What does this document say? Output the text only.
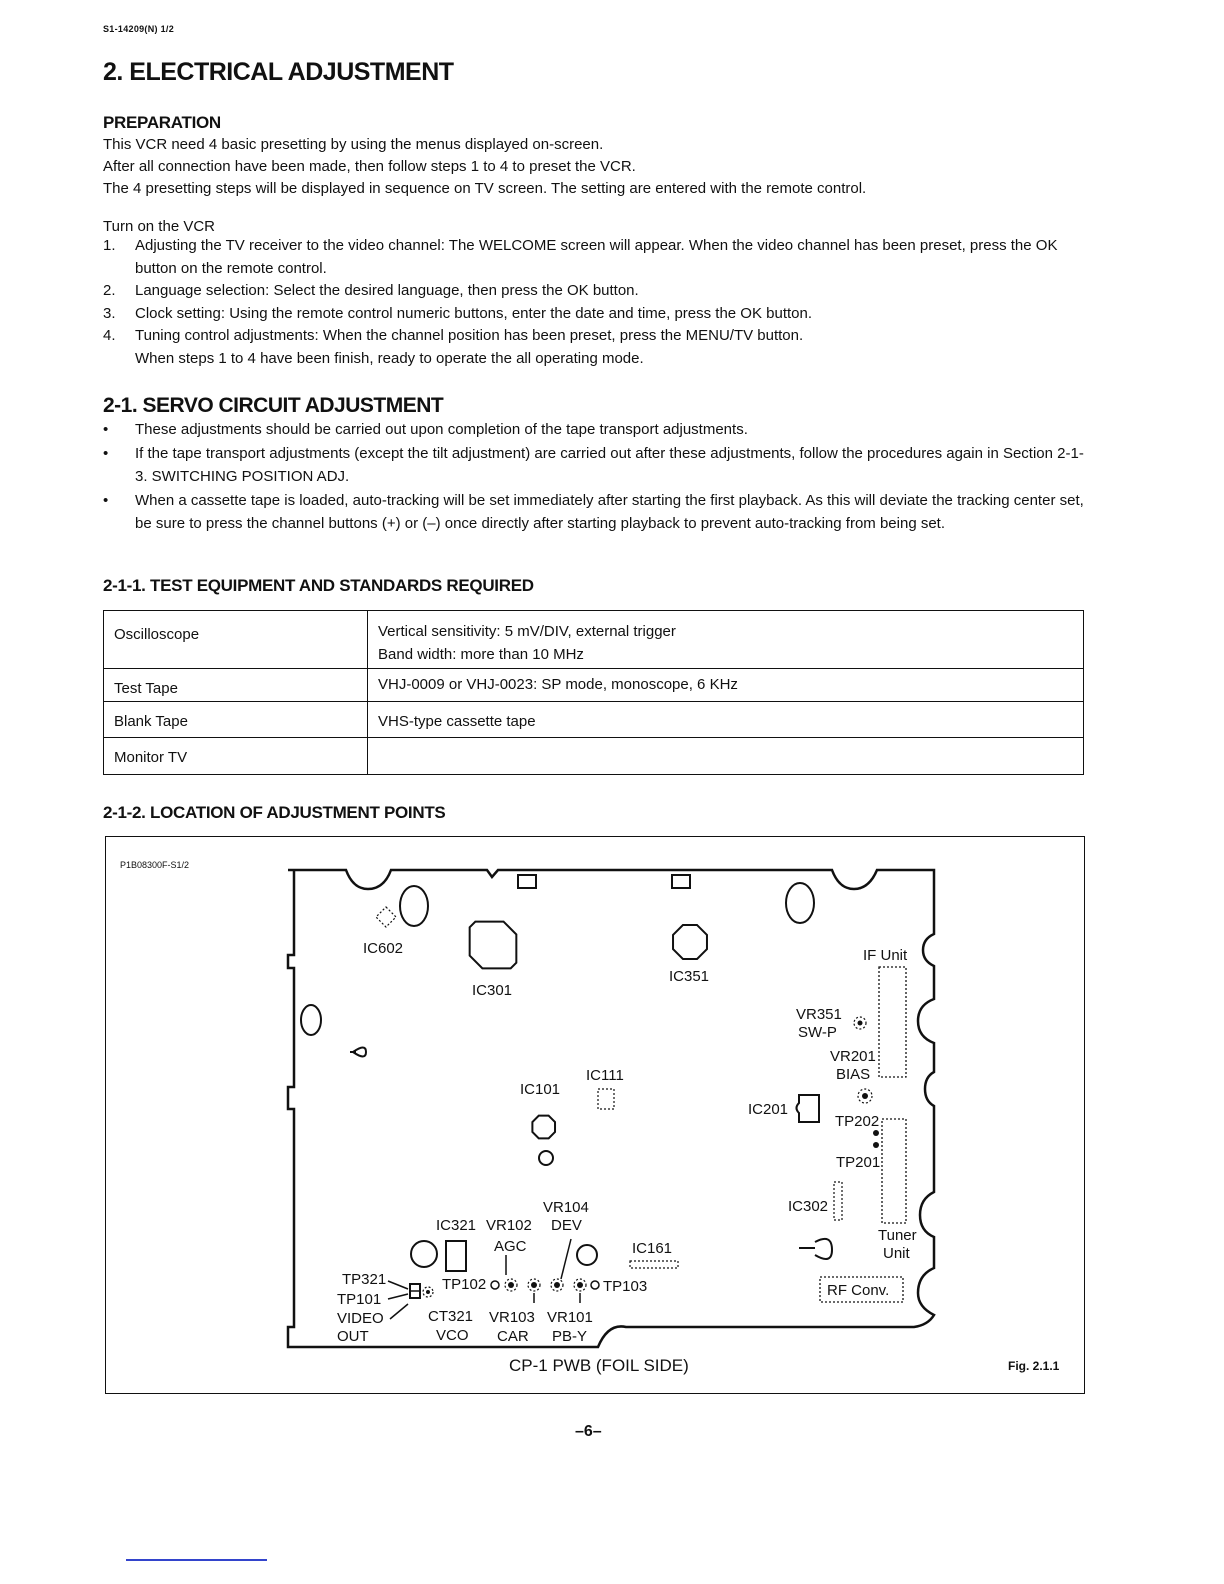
S1-14209(N) 1/2
2. ELECTRICAL ADJUSTMENT
PREPARATION

This VCR need 4 basic presetting by using the menus displayed on-screen.

After all connection have been made, then follow steps 1 to 4 to preset the VCR.

The 4 presetting steps will be displayed in sequence on TV screen. The setting are entered with the remote control.

Turn on the VCR

1. Adjusting the TV receiver to the video channel: The WELCOME screen will appear. When the video channel has been preset, press the OK button on the remote control.
2. Language selection: Select the desired language, then press the OK button.
3. Clock setting: Using the remote control numeric buttons, enter the date and time, press the OK button.
4. Tuning control adjustments: When the channel position has been preset, press the MENU/TV button.
When steps 1 to 4 have been finish, ready to operate the all operating mode.
2-1. SERVO CIRCUIT ADJUSTMENT
• These adjustments should be carried out upon completion of the tape transport adjustments.
• If the tape transport adjustments (except the tilt adjustment) are carried out after these adjustments, follow the procedures again in Section 2-1-3. SWITCHING POSITION ADJ.
• When a cassette tape is loaded, auto-tracking will be set immediately after starting the first playback. As this will deviate the tracking center set, be sure to press the channel buttons (+) or (–) once directly after starting playback to prevent auto-tracking from being set.
2-1-1. TEST EQUIPMENT AND STANDARDS REQUIRED
Oscilloscope	Vertical sensitivity: 5 mV/DIV, external trigger
Band width: more than 10 MHz

Test Tape	VHJ-0009 or VHJ-0023: SP mode, monoscope, 6 KHz

Blank Tape	VHS-type cassette tape

Monitor TV	

2-1-2. LOCATION OF ADJUSTMENT POINTS
P1B08300F-S1/2
IC602
IC301
IC351
IF Unit
VR351
SW-P
VR201
BIAS
IC111
IC101
IC201
TP202
TP201
IC302
Tuner
Unit
RF Conv.
VR104
IC321 VR102 DEV
AGC	IC161
TP321
TP101
TP102	TP103
VIDEO
OUT
CT321
VCO
VR103
CAR
VR101
PB-Y
CP-1 PWB (FOIL SIDE)	Fig. 2.1.1
–6–
